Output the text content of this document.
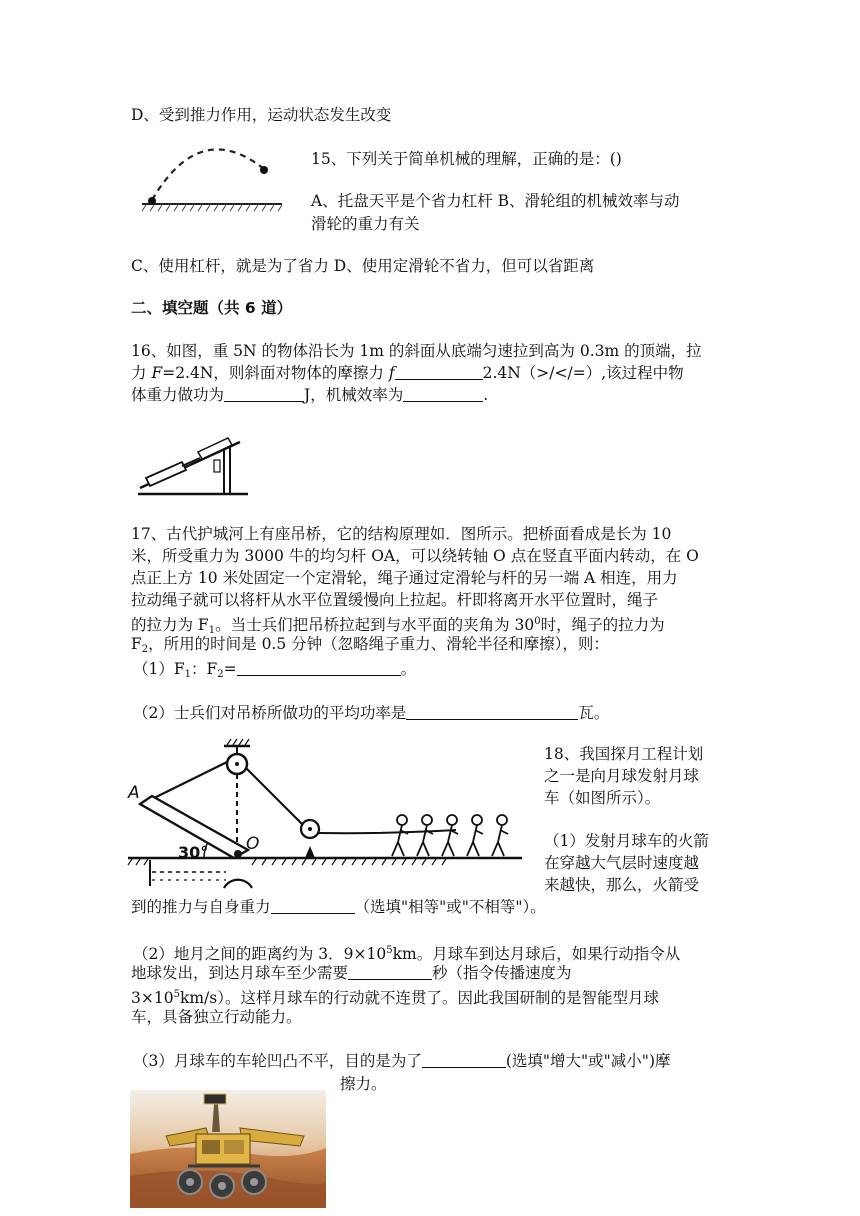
D、受到推力作用，运动状态发生改变
15、下列关于简单机械的理解，正确的是：()
A、托盘天平是个省力杠杆 B、滑轮组的机械效率与动
滑轮的重力有关
C、使用杠杆，就是为了省力 D、使用定滑轮不省力，但可以省距离
二、填空题（共 6 道）
16、如图，重 5N 的物体沿长为 1m 的斜面从底端匀速拉到高为 0.3m 的顶端，拉
力 F=2.4N，则斜面对物体的摩擦力 f	2.4N（>/</=）,该过程中物
体重力做功为	J，机械效率为	.
17、古代护城河上有座吊桥，它的结构原理如．图所示。把桥面看成是长为 10
米，所受重力为 3000 牛的均匀杆 OA，可以绕转轴 O 点在竖直平面内转动，在 O
点正上方 10 米处固定一个定滑轮，绳子通过定滑轮与杆的另一端 A 相连，用力
拉动绳子就可以将杆从水平位置缓慢向上拉起。杆即将离开水平位置时，绳子
的拉力为 $F_1$。当士兵们把吊桥拉起到与水平面的夹角为 $30^0$时，绳子的拉力为
$F_2$，所用的时间是 0.5 分钟（忽略绳子重力、滑轮半径和摩擦），则：
$(1)F_1$：$F_2=$	。
（2）士兵们对吊桥所做功的平均功率是	瓦。
A
O
30°
18、我国探月工程计划
之一是向月球发射月球
车（如图所示）。
（1）发射月球车的火箭
在穿越大气层时速度越
来越快，那么，火箭受
到的推力与自身重力	（选填"相等"或"不相等"）。
（2）地月之间的距离约为 3．$9\times 10^5km$。月球车到达月球后，如果行动指令从
地球发出，到达月球车至少需要	秒（指令传播速度为
$3\times 10^5km/s$）。这样月球车的行动就不连贯了。因此我国研制的是智能型月球
车，具备独立行动能力。
（3）月球车的车轮凹凸不平，目的是为了	(选填"增大"或"减小")摩
擦力。
